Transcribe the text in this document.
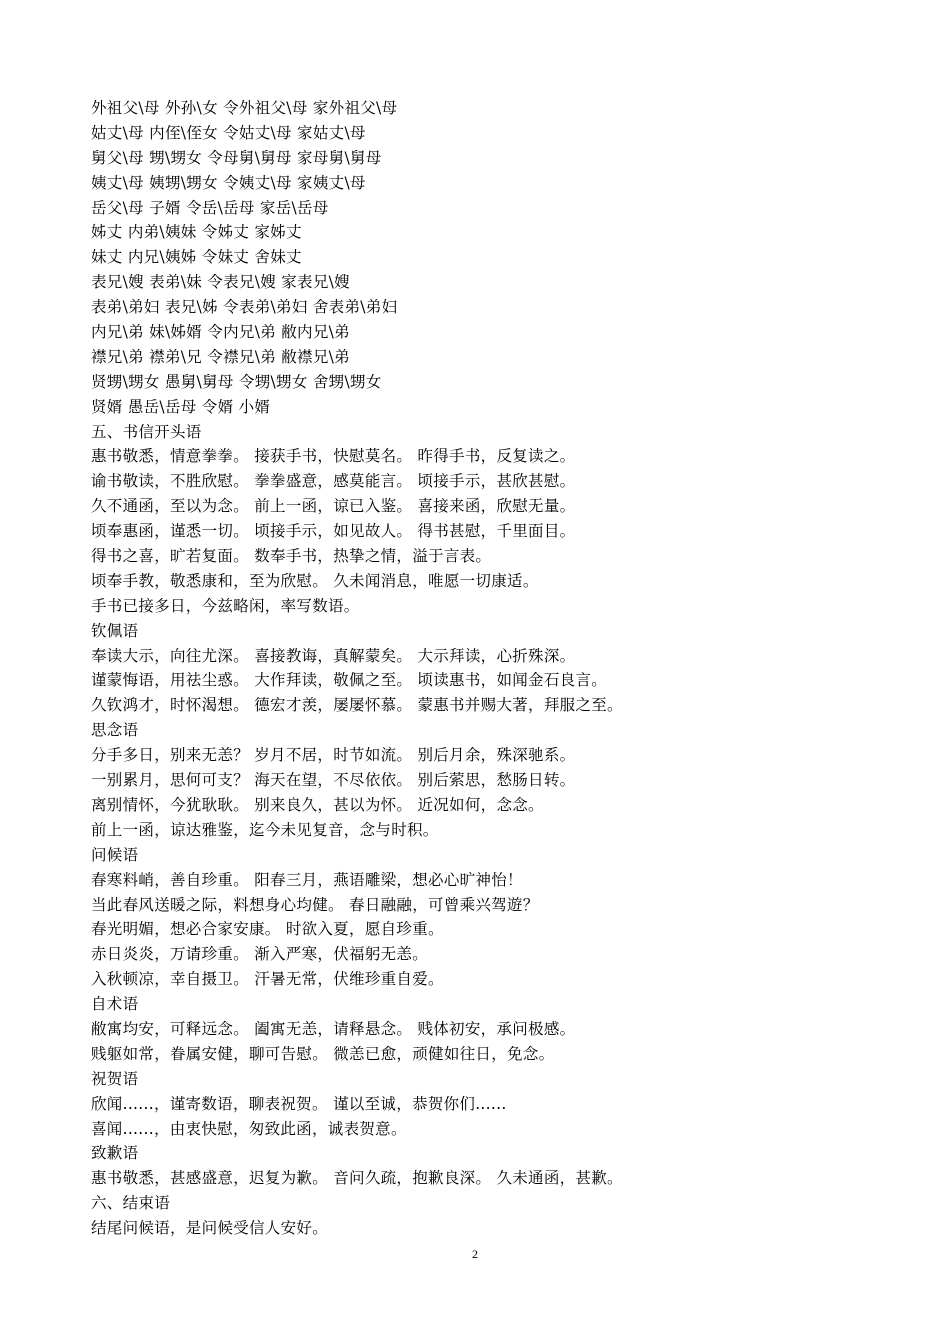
外祖父\母 外孙\女 令外祖父\母 家外祖父\母
姑丈\母 内侄\侄女 令姑丈\母 家姑丈\母
舅父\母 甥\甥女 令母舅\舅母 家母舅\舅母
姨丈\母 姨甥\甥女 令姨丈\母 家姨丈\母
岳父\母 子婿 令岳\岳母 家岳\岳母
姊丈 内弟\姨妹 令姊丈 家姊丈
妹丈 内兄\姨姊 令妹丈 舍妹丈
表兄\嫂 表弟\妹 令表兄\嫂 家表兄\嫂
表弟\弟妇 表兄\姊 令表弟\弟妇 舍表弟\弟妇
内兄\弟 妹\姊婿 令内兄\弟 敝内兄\弟
襟兄\弟 襟弟\兄 令襟兄\弟 敝襟兄\弟
贤甥\甥女 愚舅\舅母 令甥\甥女 舍甥\甥女
贤婿 愚岳\岳母 令婿 小婿
五、书信开头语
惠书敬悉，情意拳拳。 接获手书，快慰莫名。 昨得手书，反复读之。
谕书敬读，不胜欣慰。 拳拳盛意，感莫能言。 顷接手示，甚欣甚慰。
久不通函，至以为念。 前上一函，谅已入鉴。 喜接来函，欣慰无量。
顷奉惠函，谨悉一切。 顷接手示，如见故人。 得书甚慰，千里面目。
得书之喜，旷若复面。 数奉手书，热挚之情，溢于言表。
顷奉手教，敬悉康和，至为欣慰。 久未闻消息，唯愿一切康适。
手书已接多日，今兹略闲，率写数语。
钦佩语
奉读大示，向往尤深。 喜接教诲，真解蒙矣。 大示拜读，心折殊深。
谨蒙悔语，用祛尘惑。 大作拜读，敬佩之至。 顷读惠书，如闻金石良言。
久钦鸿才，时怀渴想。 德宏才羡，屡屡怀慕。 蒙惠书并赐大著，拜服之至。
思念语
分手多日，别来无恙？ 岁月不居，时节如流。 别后月余，殊深驰系。
一别累月，思何可支？ 海天在望，不尽依依。 别后萦思，愁肠日转。
离别情怀，今犹耿耿。 别来良久，甚以为怀。 近况如何，念念。
前上一函，谅达雅鉴，迄今未见复音，念与时积。
问候语
春寒料峭，善自珍重。 阳春三月，燕语雕梁，想必心旷神怡！
当此春风送暖之际，料想身心均健。 春日融融，可曾乘兴驾遊？
春光明媚，想必合家安康。 时欲入夏，愿自珍重。
赤日炎炎，万请珍重。 渐入严寒，伏福躬无恙。
入秋顿凉，幸自摄卫。 汗暑无常，伏维珍重自爱。
自术语
敝寓均安，可释远念。 阖寓无恙，请释悬念。 贱体初安，承问极感。
贱躯如常，眷属安健，聊可告慰。 微恙已愈，顽健如往日，免念。
祝贺语
欣闻......，谨寄数语，聊表祝贺。 谨以至诚，恭贺你们......
喜闻......，由衷快慰，匆致此函，诚表贺意。
致歉语
惠书敬悉，甚感盛意，迟复为歉。 音问久疏，抱歉良深。 久未通函，甚歉。
六、结束语
结尾问候语，是问候受信人安好。
2
